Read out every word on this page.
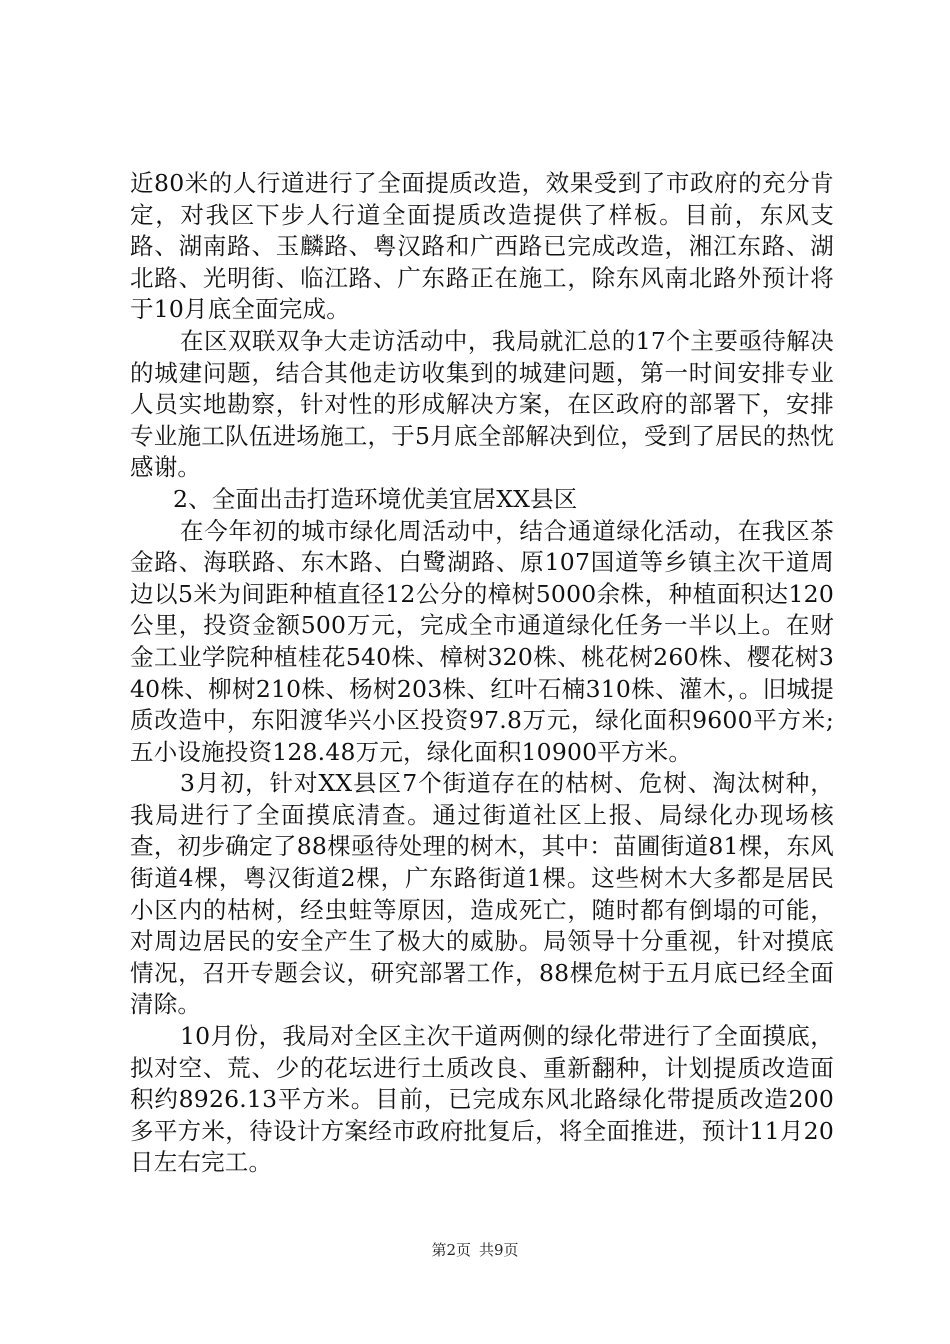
近80米的人行道进行了全面提质改造，效果受到了市政府的充分肯定，对我区下步人行道全面提质改造提供了样板。目前，东风支路、湖南路、玉麟路、粤汉路和广西路已完成改造，湘江东路、湖北路、光明街、临江路、广东路正在施工，除东风南北路外预计将于10月底全面完成。

在区双联双争大走访活动中，我局就汇总的17个主要亟待解决的城建问题，结合其他走访收集到的城建问题，第一时间安排专业人员实地勘察，针对性的形成解决方案，在区政府的部署下，安排专业施工队伍进场施工，于5月底全部解决到位，受到了居民的热忱感谢。

2、全面出击打造环境优美宜居XX县区

在今年初的城市绿化周活动中，结合通道绿化活动，在我区茶金路、海联路、东木路、白鹭湖路、原107国道等乡镇主次干道周边以5米为间距种植直径12公分的樟树5000余株，种植面积达120公里，投资金额500万元，完成全市通道绿化任务一半以上。在财金工业学院种植桂花540株、樟树320株、桃花树260株、樱花树340株、柳树210株、杨树203株、红叶石楠310株、灌木，。旧城提质改造中，东阳渡华兴小区投资97.8万元，绿化面积9600平方米;五小设施投资128.48万元，绿化面积10900平方米。

3月初，针对XX县区7个街道存在的枯树、危树、淘汰树种，我局进行了全面摸底清查。通过街道社区上报、局绿化办现场核查，初步确定了88棵亟待处理的树木，其中：苗圃街道81棵，东风街道4棵，粤汉街道2棵，广东路街道1棵。这些树木大多都是居民小区内的枯树，经虫蛀等原因，造成死亡，随时都有倒塌的可能，对周边居民的安全产生了极大的威胁。局领导十分重视，针对摸底情况，召开专题会议，研究部署工作，88棵危树于五月底已经全面清除。

10月份，我局对全区主次干道两侧的绿化带进行了全面摸底，拟对空、荒、少的花坛进行土质改良、重新翻种，计划提质改造面积约8926.13平方米。目前，已完成东风北路绿化带提质改造200多平方米，待设计方案经市政府批复后，将全面推进，预计11月20日左右完工。

第2页 共9页
